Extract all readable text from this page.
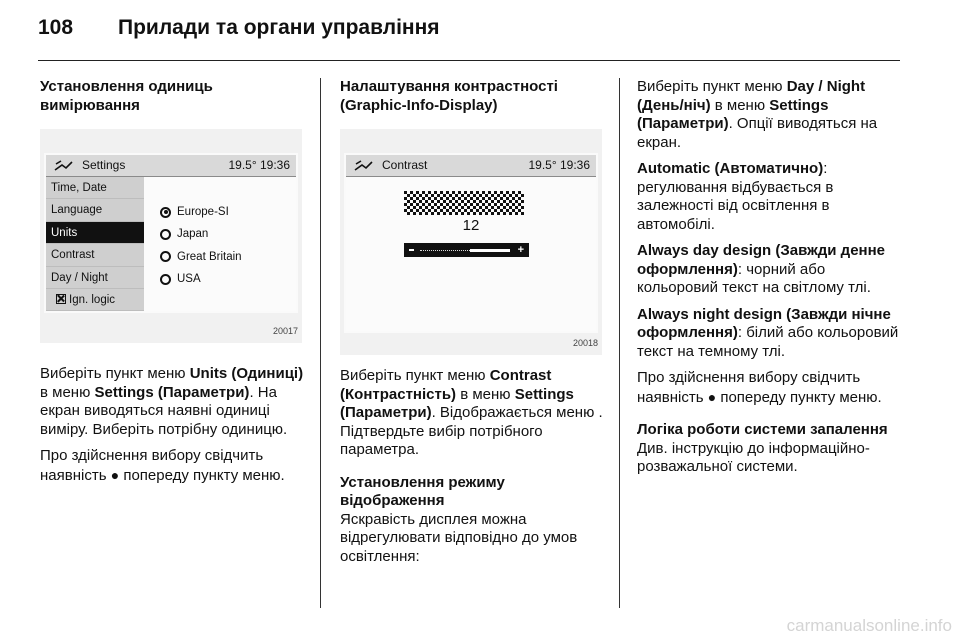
108	Прилади та органи управління
Установлення одиниць вимірювання
Settings	19.5° 19:36
Time, Date
Language
Units
Contrast
Day / Night
Ign. logic
Europe-SI
Japan
Great Britain
USA
20017

Виберіть пункт меню Units (Одиниці) в меню Settings (Параметри). На екран виводяться наявні одиниці виміру. Виберіть потрібну одиницю.

Про здійснення вибору свідчить наявність ● попереду пункту меню.

Налаштування контрастності (Graphic-Info-Display)
Contrast	19.5° 19:36
12
+
20018

Виберіть пункт меню Contrast (Контрастність) в меню Settings (Параметри). Відображається меню . Підтвердьте вибір потрібного параметра.

Установлення режиму відображення

Яскравість дисплея можна відрегулювати відповідно до умов освітлення:

Виберіть пункт меню Day / Night (День/ніч) в меню Settings (Параметри). Опції виводяться на екран.

Automatic (Автоматично): регулювання відбувається в залежності від освітлення в автомобілі.

Always day design (Завжди денне оформлення): чорний або кольоровий текст на світлому тлі.

Always night design (Завжди нічне оформлення): білий або кольоровий текст на темному тлі.

Про здійснення вибору свідчить наявність ● попереду пункту меню.

Логіка роботи системи запалення

Див. інструкцію до інформаційно-розважальної системи.

carmanualsonline.info
